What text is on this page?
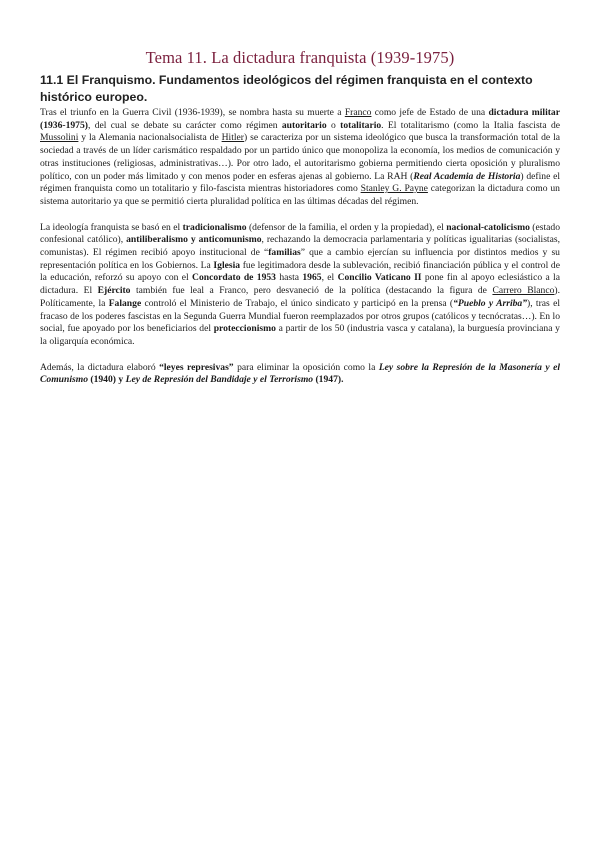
Tema 11. La dictadura franquista (1939-1975)
11.1 El Franquismo. Fundamentos ideológicos del régimen franquista en el contexto histórico europeo.

Tras el triunfo en la Guerra Civil (1936-1939), se nombra hasta su muerte a Franco como jefe de Estado de una dictadura militar (1936-1975), del cual se debate su carácter como régimen autoritario o totalitario. El totalitarismo (como la Italia fascista de Mussolini y la Alemania nacionalsocialista de Hitler) se caracteriza por un sistema ideológico que busca la transformación total de la sociedad a través de un líder carismático respaldado por un partido único que monopoliza la economía, los medios de comunicación y otras instituciones (religiosas, administrativas…). Por otro lado, el autoritarismo gobierna permitiendo cierta oposición y pluralismo político, con un poder más limitado y con menos poder en esferas ajenas al gobierno. La RAH (Real Academia de Historia) define el régimen franquista como un totalitario y filo-fascista mientras historiadores como Stanley G. Payne categorizan la dictadura como un sistema autoritario ya que se permitió cierta pluralidad política en las últimas décadas del régimen.

La ideología franquista se basó en el tradicionalismo (defensor de la familia, el orden y la propiedad), el nacional-catolicismo (estado confesional católico), antiliberalismo y anticomunismo, rechazando la democracia parlamentaria y políticas igualitarias (socialistas, comunistas). El régimen recibió apoyo institucional de “familias” que a cambio ejercían su influencia por distintos medios y su representación política en los Gobiernos. La Iglesia fue legitimadora desde la sublevación, recibió financiación pública y el control de la educación, reforzó su apoyo con el Concordato de 1953 hasta 1965, el Concilio Vaticano II pone fin al apoyo eclesiástico a la dictadura. El Ejército también fue leal a Franco, pero desvaneció de la política (destacando la figura de Carrero Blanco). Políticamente, la Falange controló el Ministerio de Trabajo, el único sindicato y participó en la prensa (“Pueblo y Arriba”), tras el fracaso de los poderes fascistas en la Segunda Guerra Mundial fueron reemplazados por otros grupos (católicos y tecnócratas…). En lo social, fue apoyado por los beneficiarios del proteccionismo a partir de los 50 (industria vasca y catalana), la burguesía provinciana y la oligarquía económica.

Además, la dictadura elaboró “leyes represivas” para eliminar la oposición como la Ley sobre la Represión de la Masonería y el Comunismo (1940) y Ley de Represión del Bandidaje y el Terrorismo (1947).
